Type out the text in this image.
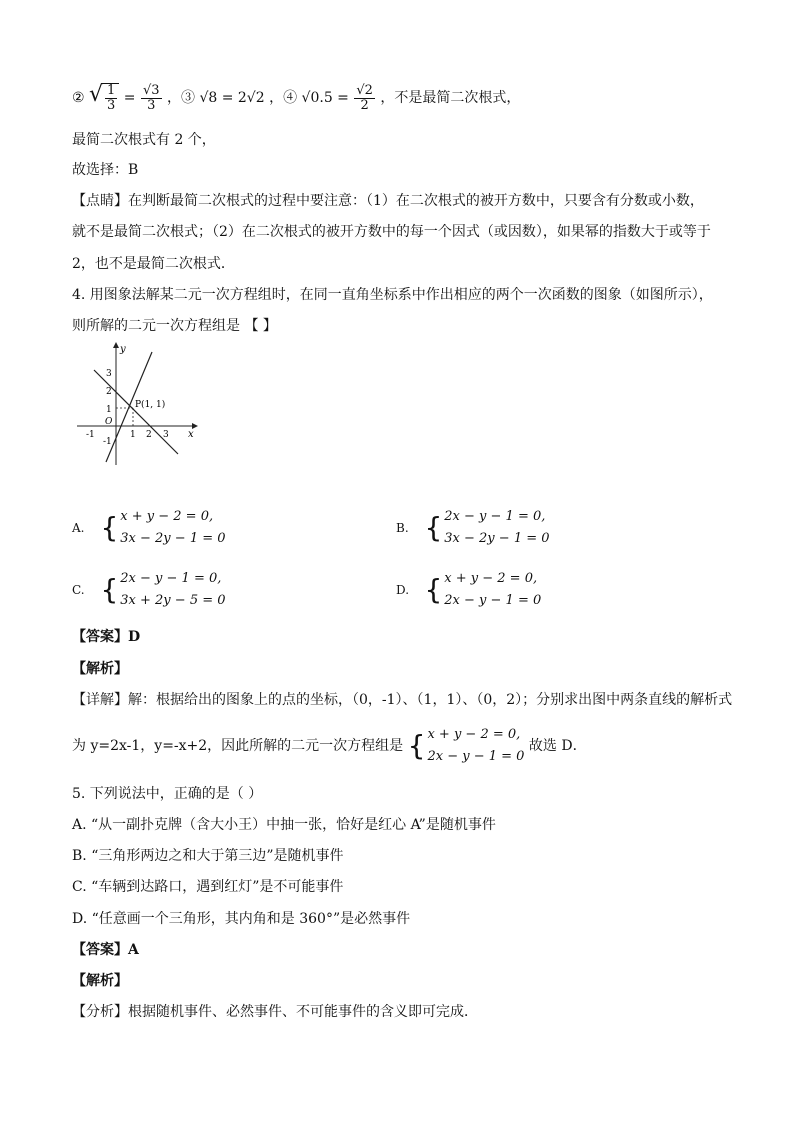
② √ $\frac{1}{3} = \frac{√3}{3}$ ，③ √8 = 2√2 ，④ $√0.5 = \frac{√2}{2}$ ，不是最简二次根式，
最简二次根式有 2 个，
故选择：B
【点睛】在判断最简二次根式的过程中要注意：（1）在二次根式的被开方数中，只要含有分数或小数，
就不是最简二次根式；（2）在二次根式的被开方数中的每一个因式（或因数），如果幂的指数大于或等于
2，也不是最简二次根式．
4. 用图象法解某二元一次方程组时，在同一直角坐标系中作出相应的两个一次函数的图象（如图所示），
则所解的二元一次方程组是 【 】
y
x
O
-1	1 2 3
3
2
1
-1
P(1, 1)
A. { x + y − 2 = 0,
3x − 2y − 1 = 0
B. { 2x − y − 1 = 0,
3x − 2y − 1 = 0
C. { 2x − y − 1 = 0,
3x + 2y − 5 = 0
D. { x + y − 2 = 0,
2x − y − 1 = 0
【答案】D
【解析】
【详解】解：根据给出的图象上的点的坐标，（0，-1）、（1，1）、（0，2）；分别求出图中两条直线的解析式
为 y=2x-1，y=-x+2，因此所解的二元一次方程组是 { x + y − 2 = 0,
2x − y − 1 = 0
故选 D．
5. 下列说法中，正确的是（ ）
A. “从一副扑克牌（含大小王）中抽一张，恰好是红心 A”是随机事件
B. “三角形两边之和大于第三边”是随机事件
C. “车辆到达路口，遇到红灯”是不可能事件
D. “任意画一个三角形，其内角和是 360°”是必然事件
【答案】A
【解析】
【分析】根据随机事件、必然事件、不可能事件的含义即可完成．
